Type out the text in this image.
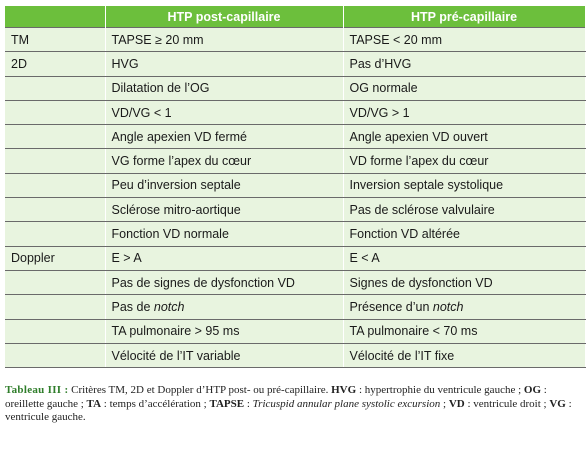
	HTP post-capillaire	HTP pré-capillaire
TM	TAPSE ≥ 20 mm	TAPSE < 20 mm
2D	HVG	Pas d’HVG
	Dilatation de l’OG	OG normale
	VD/VG < 1	VD/VG > 1
	Angle apexien VD fermé	Angle apexien VD ouvert
	VG forme l’apex du cœur	VD forme l’apex du cœur
	Peu d’inversion septale	Inversion septale systolique
	Sclérose mitro-aortique	Pas de sclérose valvulaire
	Fonction VD normale	Fonction VD altérée
Doppler	E > A	E < A
	Pas de signes de dysfonction VD	Signes de dysfonction VD
	Pas de notch	Présence d’un notch
	TA pulmonaire > 95 ms	TA pulmonaire < 70 ms
	Vélocité de l’IT variable	Vélocité de l’IT fixe
Tableau III : Critères TM, 2D et Doppler d’HTP post- ou pré-capillaire. HVG : hypertrophie du ventricule gauche ; OG : oreillette gauche ; TA : temps d’accélération ; TAPSE : Tricuspid annular plane systolic excursion ; VD : ventricule droit ; VG : ventricule gauche.
